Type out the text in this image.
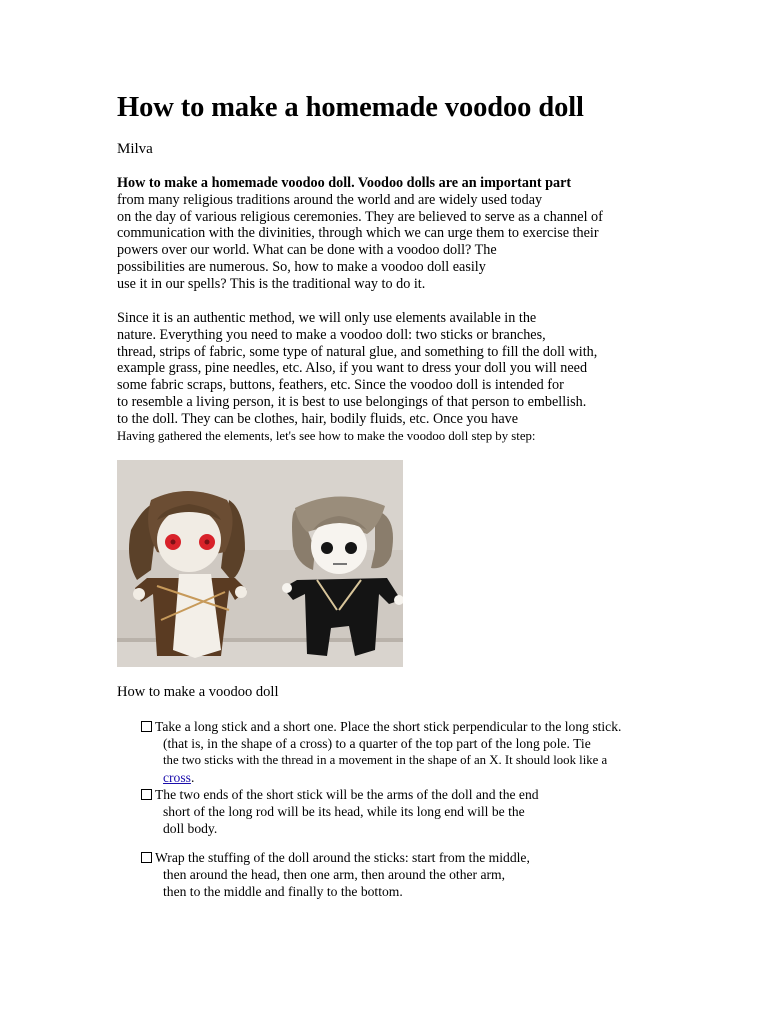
How to make a homemade voodoo doll
Milva
How to make a homemade voodoo doll. Voodoo dolls are an important part
from many religious traditions around the world and are widely used today
on the day of various religious ceremonies. They are believed to serve as a channel of
communication with the divinities, through which we can urge them to exercise their
powers over our world. What can be done with a voodoo doll? The
possibilities are numerous. So, how to make a voodoo doll easily
use it in our spells? This is the traditional way to do it.
Since it is an authentic method, we will only use elements available in the
nature. Everything you need to make a voodoo doll: two sticks or branches,
thread, strips of fabric, some type of natural glue, and something to fill the doll with,
example grass, pine needles, etc. Also, if you want to dress your doll you will need
some fabric scraps, buttons, feathers, etc. Since the voodoo doll is intended for
to resemble a living person, it is best to use belongings of that person to embellish.
to the doll. They can be clothes, hair, bodily fluids, etc. Once you have
Having gathered the elements, let's see how to make the voodoo doll step by step:
How to make a voodoo doll
Take a long stick and a short one. Place the short stick perpendicular to the long stick.
(that is, in the shape of a cross) to a quarter of the top part of the long pole. Tie
the two sticks with the thread in a movement in the shape of an X. It should look like a
cross.
The two ends of the short stick will be the arms of the doll and the end
short of the long rod will be its head, while its long end will be the
doll body.
Wrap the stuffing of the doll around the sticks: start from the middle,
then around the head, then one arm, then around the other arm,
then to the middle and finally to the bottom.
